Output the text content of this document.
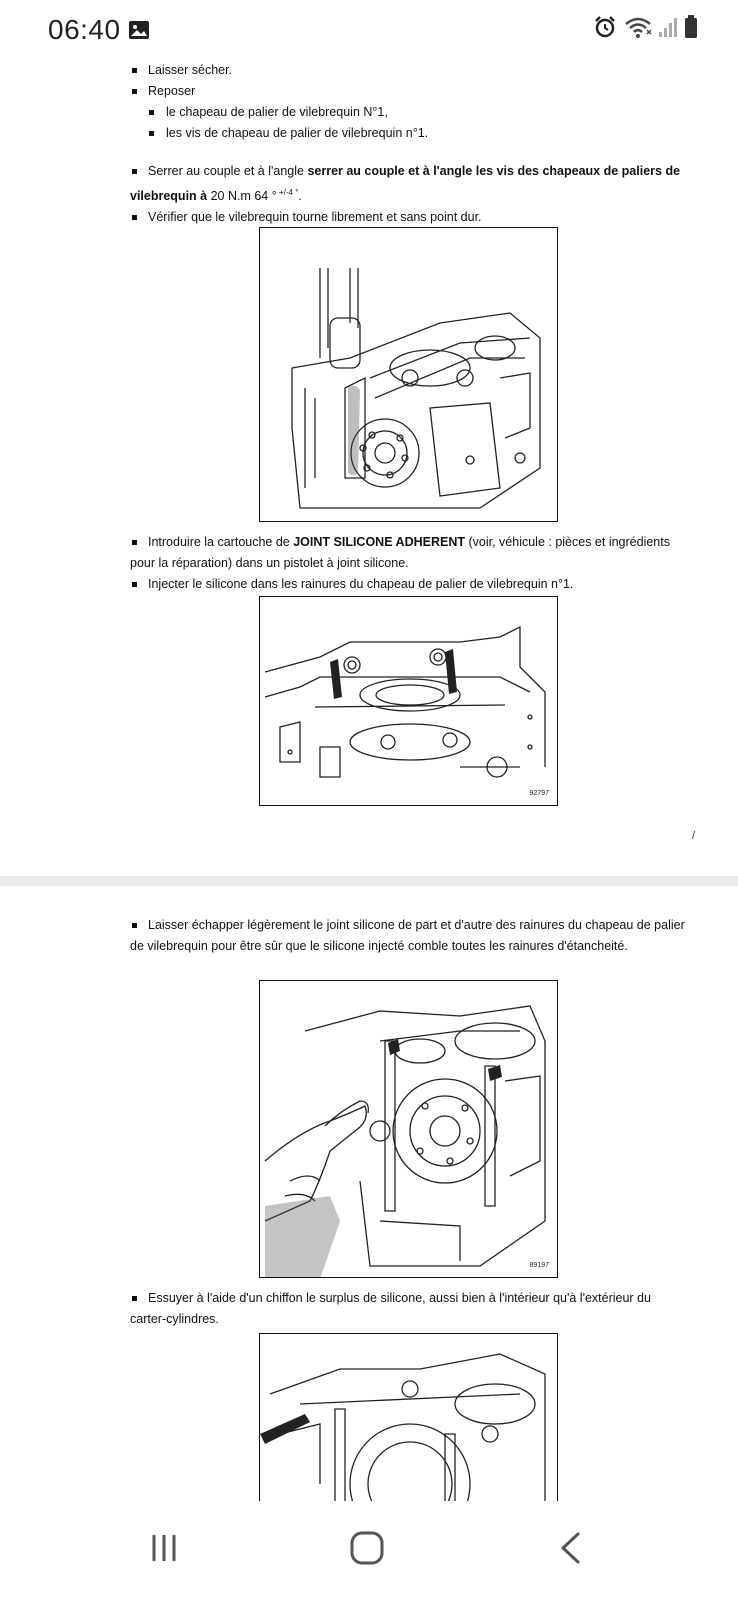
06:40
Laisser sécher.
Reposer
le chapeau de palier de vilebrequin N°1,
les vis de chapeau de palier de vilebrequin n°1.
Serrer au couple et à l'angle serrer au couple et à l'angle les vis des chapeaux de paliers de vilebrequin à 20 N.m 64 ° $^{+/-4 ^\circ}$.
Vérifier que le vilebrequin tourne librement et sans point dur.
Introduire la cartouche de JOINT SILICONE ADHERENT (voir, véhicule : pièces et ingrédients pour la réparation) dans un pistolet à joint silicone.
Injecter le silicone dans les rainures du chapeau de palier de vilebrequin n°1.
92797
/
Laisser échapper légèrement le joint silicone de part et d'autre des rainures du chapeau de palier de vilebrequin pour être sûr que le silicone injecté comble toutes les rainures d'étancheité.
89197
Essuyer à l'aide d'un chiffon le surplus de silicone, aussi bien à l'intérieur qu'à l'extérieur du carter-cylindres.
